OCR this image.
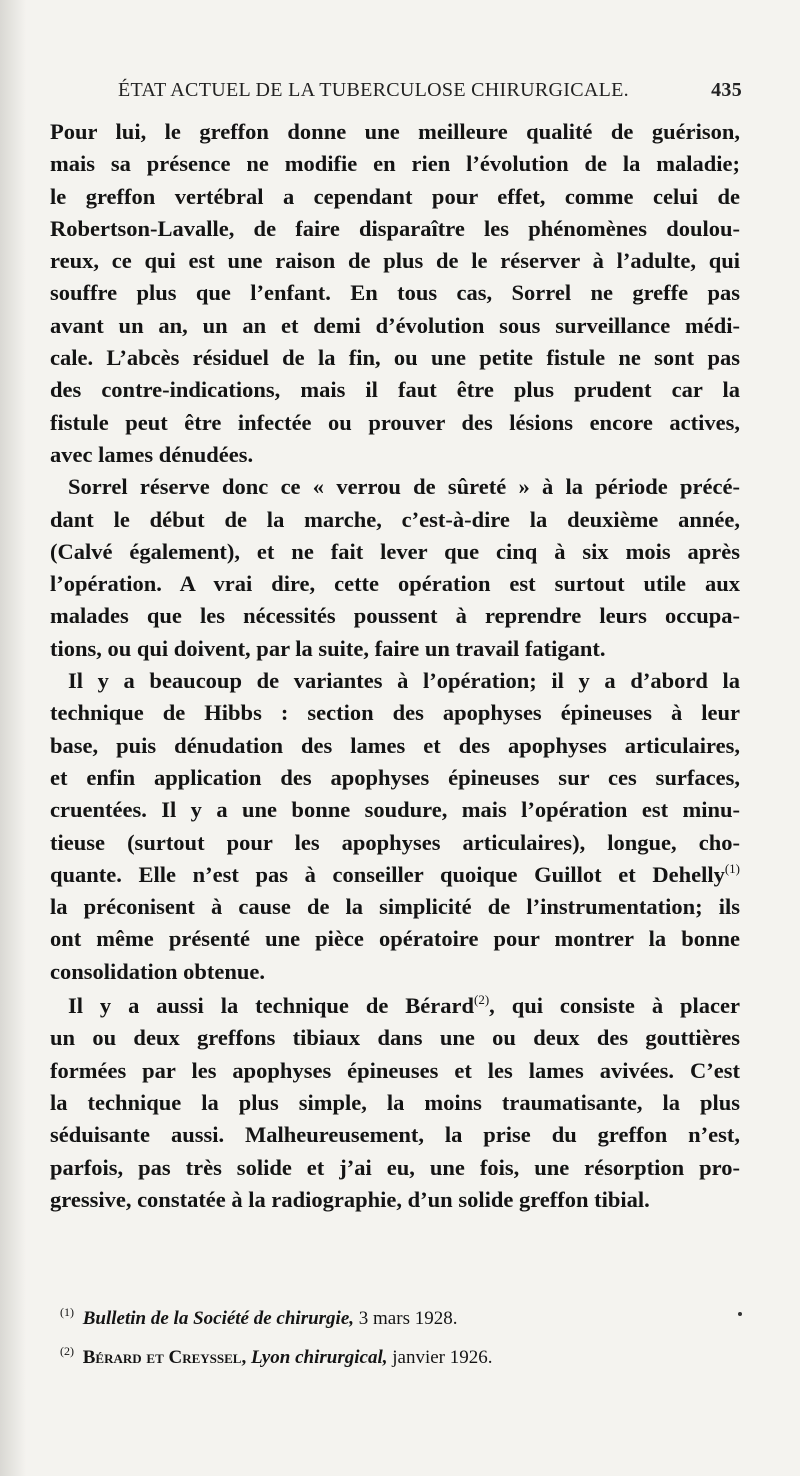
ÉTAT ACTUEL DE LA TUBERCULOSE CHIRURGICALE.	435

Pour lui, le greffon donne une meilleure qualité de guérison,
mais sa présence ne modifie en rien l’évolution de la maladie;
le greffon vertébral a cependant pour effet, comme celui de
Robertson-Lavalle, de faire disparaître les phénomènes doulou-
reux, ce qui est une raison de plus de le réserver à l’adulte, qui
souffre plus que l’enfant. En tous cas, Sorrel ne greffe pas
avant un an, un an et demi d’évolution sous surveillance médi-
cale. L’abcès résiduel de la fin, ou une petite fistule ne sont pas
des contre-indications, mais il faut être plus prudent car la
fistule peut être infectée ou prouver des lésions encore actives,
avec lames dénudées.

Sorrel réserve donc ce « verrou de sûreté » à la période précé-
dant le début de la marche, c’est-à-dire la deuxième année,
(Calvé également), et ne fait lever que cinq à six mois après
l’opération. A vrai dire, cette opération est surtout utile aux
malades que les nécessités poussent à reprendre leurs occupa-
tions, ou qui doivent, par la suite, faire un travail fatigant.

Il y a beaucoup de variantes à l’opération; il y a d’abord la
technique de Hibbs : section des apophyses épineuses à leur
base, puis dénudation des lames et des apophyses articulaires,
et enfin application des apophyses épineuses sur ces surfaces,
cruentées. Il y a une bonne soudure, mais l’opération est minu-
tieuse (surtout pour les apophyses articulaires), longue, cho-
quante. Elle n’est pas à conseiller quoique Guillot et Dehelly$^{(1)}$
la préconisent à cause de la simplicité de l’instrumentation; ils
ont même présenté une pièce opératoire pour montrer la bonne
consolidation obtenue.

Il y a aussi la technique de Bérard$^{(2)}$, qui consiste à placer
un ou deux greffons tibiaux dans une ou deux des gouttières
formées par les apophyses épineuses et les lames avivées. C’est
la technique la plus simple, la moins traumatisante, la plus
séduisante aussi. Malheureusement, la prise du greffon n’est,
parfois, pas très solide et j’ai eu, une fois, une résorption pro-
gressive, constatée à la radiographie, d’un solide greffon tibial.

$^{(1)}$ Bulletin de la Société de chirurgie, 3 mars 1928.
$^{(2)}$ Bérard et Creyssel, Lyon chirurgical, janvier 1926.
